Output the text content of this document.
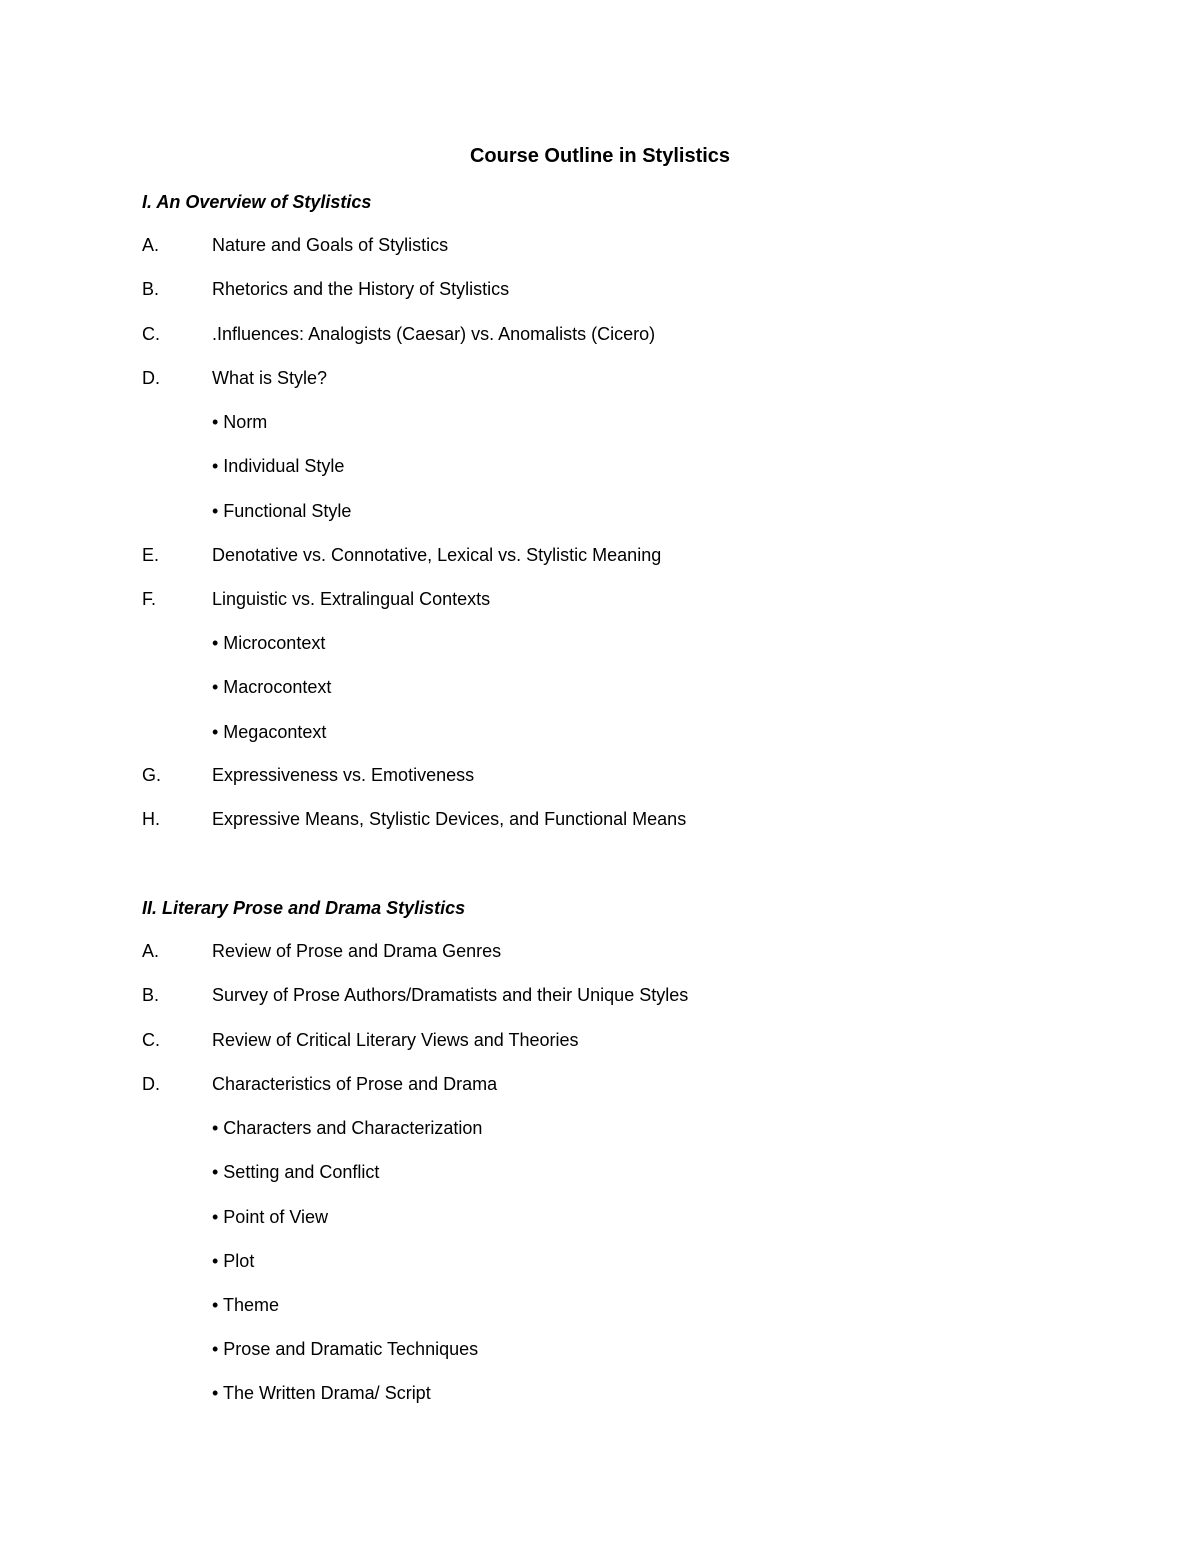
Course Outline in Stylistics
I. An Overview of Stylistics
A.	Nature and Goals of Stylistics
B.	Rhetorics and the History of Stylistics
C.	.Influences: Analogists (Caesar) vs. Anomalists (Cicero)
D.	What is Style?
• Norm
• Individual Style
• Functional Style
E.	Denotative vs. Connotative, Lexical vs. Stylistic Meaning
F.	Linguistic vs. Extralingual Contexts
• Microcontext
• Macrocontext
• Megacontext
G.	Expressiveness vs. Emotiveness
H.	Expressive Means, Stylistic Devices, and Functional Means
II. Literary Prose and Drama Stylistics
A.	Review of Prose and Drama Genres
B.	Survey of Prose Authors/Dramatists and their Unique Styles
C.	Review of Critical Literary Views and Theories
D.	Characteristics of Prose and Drama
• Characters and Characterization
• Setting and Conflict
• Point of View
• Plot
• Theme
• Prose and Dramatic Techniques
• The Written Drama/ Script
